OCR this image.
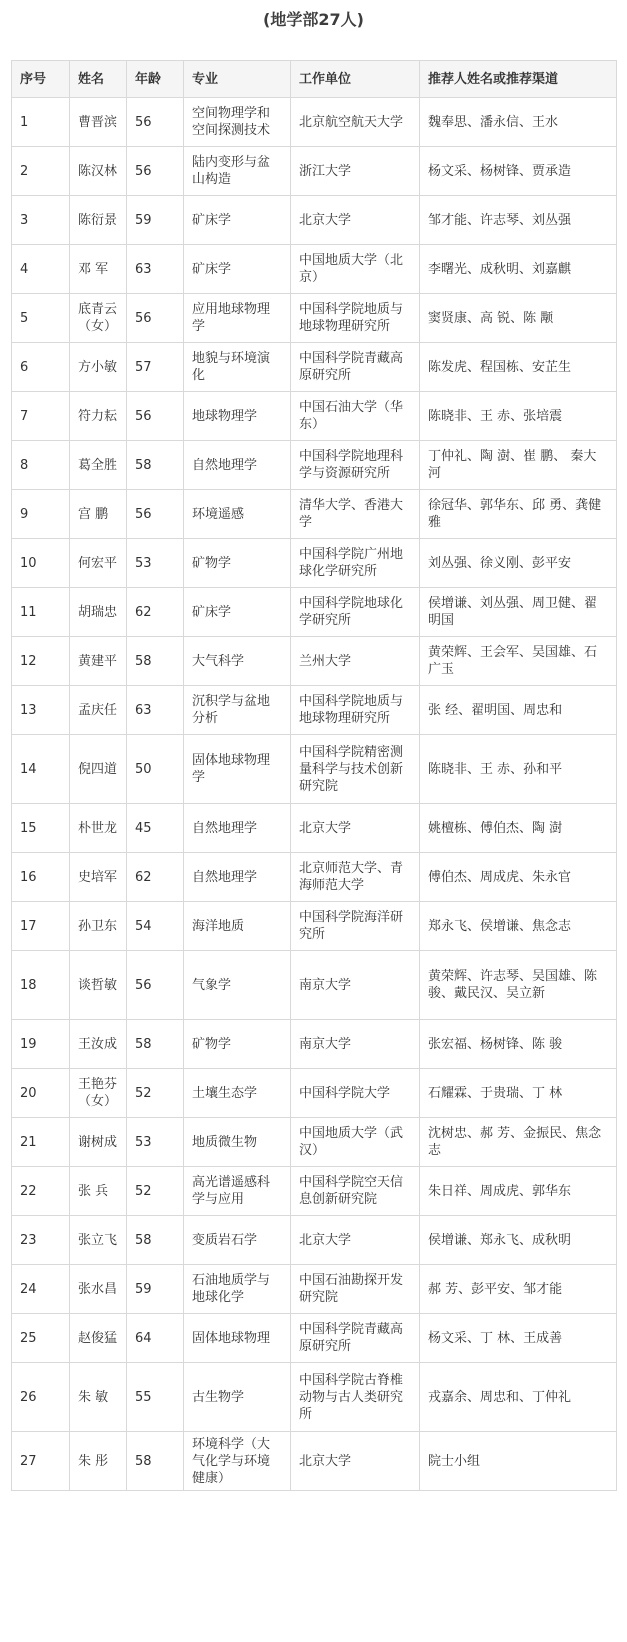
(地学部27人)
序号	姓名	年龄	专业	工作单位	推荐人姓名或推荐渠道
1	曹晋滨	56	空间物理学和空间探测技术	北京航空航天大学	魏奉思、潘永信、王水
2	陈汉林	56	陆内变形与盆山构造	浙江大学	杨文采、杨树锋、贾承造
3	陈衍景	59	矿床学	北京大学	邹才能、许志琴、刘丛强
4	邓 军	63	矿床学	中国地质大学（北京）	李曙光、成秋明、刘嘉麒
5	底青云（女）	56	应用地球物理学	中国科学院地质与地球物理研究所	窦贤康、高 锐、陈 颙
6	方小敏	57	地貌与环境演化	中国科学院青藏高原研究所	陈发虎、程国栋、安芷生
7	符力耘	56	地球物理学	中国石油大学（华东）	陈晓非、王 赤、张培震
8	葛全胜	58	自然地理学	中国科学院地理科学与资源研究所	丁仲礼、陶 澍、崔 鹏、 秦大河
9	宫 鹏	56	环境遥感	清华大学、香港大学	徐冠华、郭华东、邱 勇、龚健雅
10	何宏平	53	矿物学	中国科学院广州地球化学研究所	刘丛强、徐义刚、彭平安
11	胡瑞忠	62	矿床学	中国科学院地球化学研究所	侯增谦、刘丛强、周卫健、翟明国
12	黄建平	58	大气科学	兰州大学	黄荣辉、王会军、吴国雄、石广玉
13	孟庆任	63	沉积学与盆地分析	中国科学院地质与地球物理研究所	张 经、翟明国、周忠和
14	倪四道	50	固体地球物理学	中国科学院精密测量科学与技术创新研究院	陈晓非、王 赤、孙和平
15	朴世龙	45	自然地理学	北京大学	姚檀栋、傅伯杰、陶 澍
16	史培军	62	自然地理学	北京师范大学、青海师范大学	傅伯杰、周成虎、朱永官
17	孙卫东	54	海洋地质	中国科学院海洋研究所	郑永飞、侯增谦、焦念志
18	谈哲敏	56	气象学	南京大学	黄荣辉、许志琴、吴国雄、陈 骏、戴民汉、吴立新
19	王汝成	58	矿物学	南京大学	张宏福、杨树锋、陈 骏
20	王艳芬（女）	52	土壤生态学	中国科学院大学	石耀霖、于贵瑞、丁 林
21	谢树成	53	地质微生物	中国地质大学（武汉）	沈树忠、郝 芳、金振民、焦念志
22	张 兵	52	高光谱遥感科学与应用	中国科学院空天信息创新研究院	朱日祥、周成虎、郭华东
23	张立飞	58	变质岩石学	北京大学	侯增谦、郑永飞、成秋明
24	张水昌	59	石油地质学与地球化学	中国石油勘探开发研究院	郝 芳、彭平安、邹才能
25	赵俊猛	64	固体地球物理	中国科学院青藏高原研究所	杨文采、丁 林、王成善
26	朱 敏	55	古生物学	中国科学院古脊椎动物与古人类研究所	戎嘉余、周忠和、丁仲礼
27	朱 彤	58	环境科学（大气化学与环境健康）	北京大学	院士小组
